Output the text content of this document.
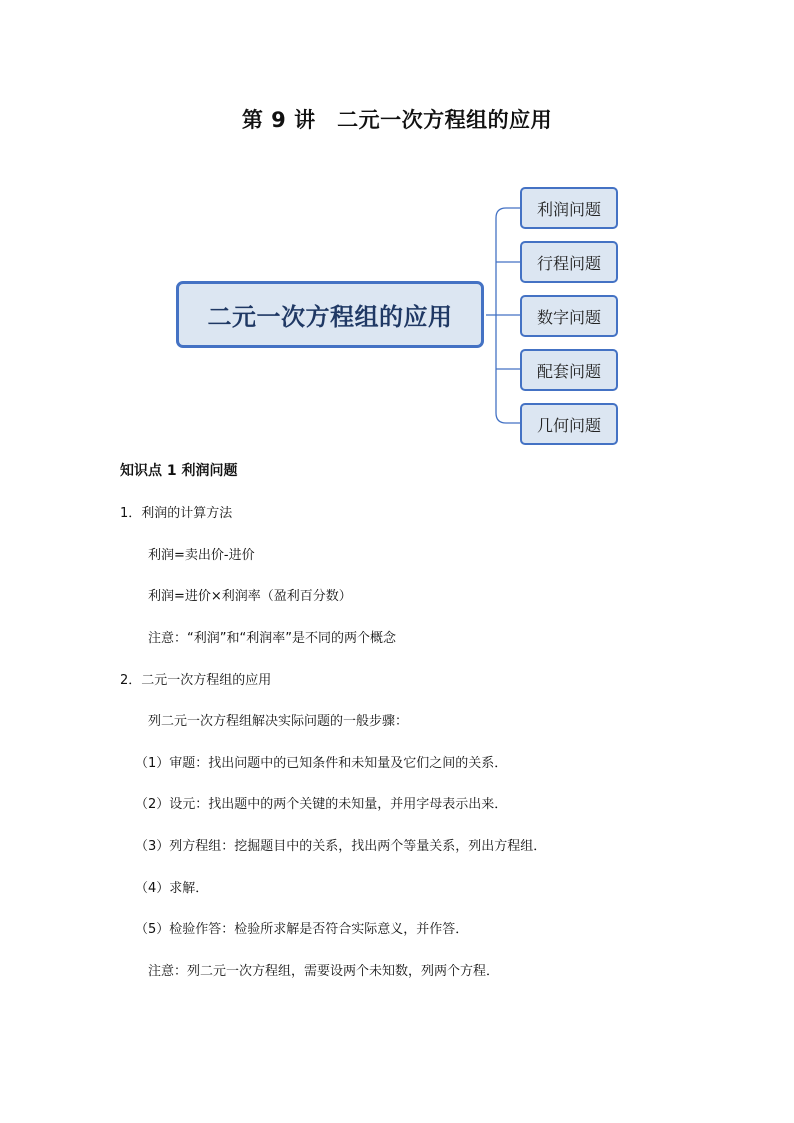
第 9 讲　二元一次方程组的应用
二元一次方程组的应用
利润问题
行程问题
数字问题
配套问题
几何问题
知识点 1 利润问题
1．利润的计算方法
利润=卖出价-进价
利润=进价×利润率（盈利百分数）
注意：“利润”和“利润率”是不同的两个概念
2．二元一次方程组的应用
列二元一次方程组解决实际问题的一般步骤：
（1）审题：找出问题中的已知条件和未知量及它们之间的关系．
（2）设元：找出题中的两个关键的未知量，并用字母表示出来．
（3）列方程组：挖掘题目中的关系，找出两个等量关系，列出方程组．
（4）求解．
（5）检验作答：检验所求解是否符合实际意义，并作答．
注意：列二元一次方程组，需要设两个未知数，列两个方程．
